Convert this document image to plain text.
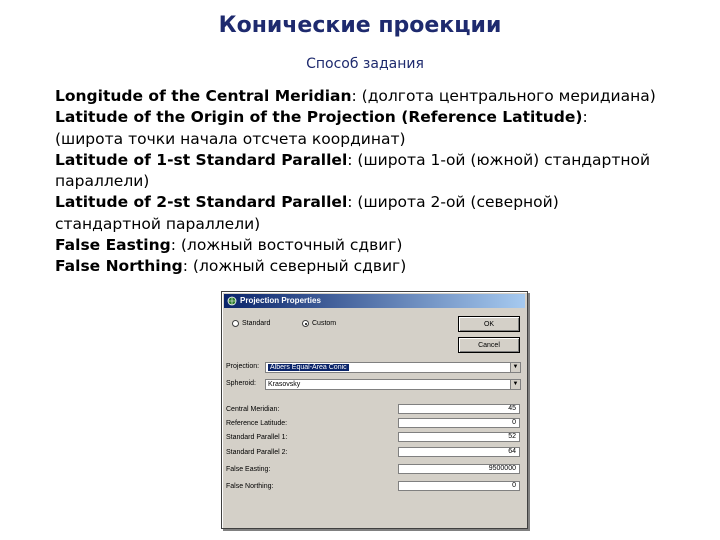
Конические проекции
Способ задания
Longitude of the Central Meridian: (долгота центрального меридиана)
Latitude of the Origin of the Projection (Reference Latitude):
(широта точки начала отсчета координат)
Latitude of 1-st Standard Parallel: (широта 1-ой (южной) стандартной
параллели)
Latitude of 2-st Standard Parallel: (широта 2-ой (северной)
стандартной параллели)
False Easting: (ложный восточный сдвиг)
False Northing: (ложный северный сдвиг)
Projection Properties
Standard	Custom	OK
Cancel
Projection:	Albers Equal-Area Conic	▼
Spheroid:	Krasovsky	▼
Central Meridian:	45
Reference Latitude:	0
Standard Parallel 1:	52
Standard Parallel 2:	64
False Easting:	9500000
False Northing:	0
